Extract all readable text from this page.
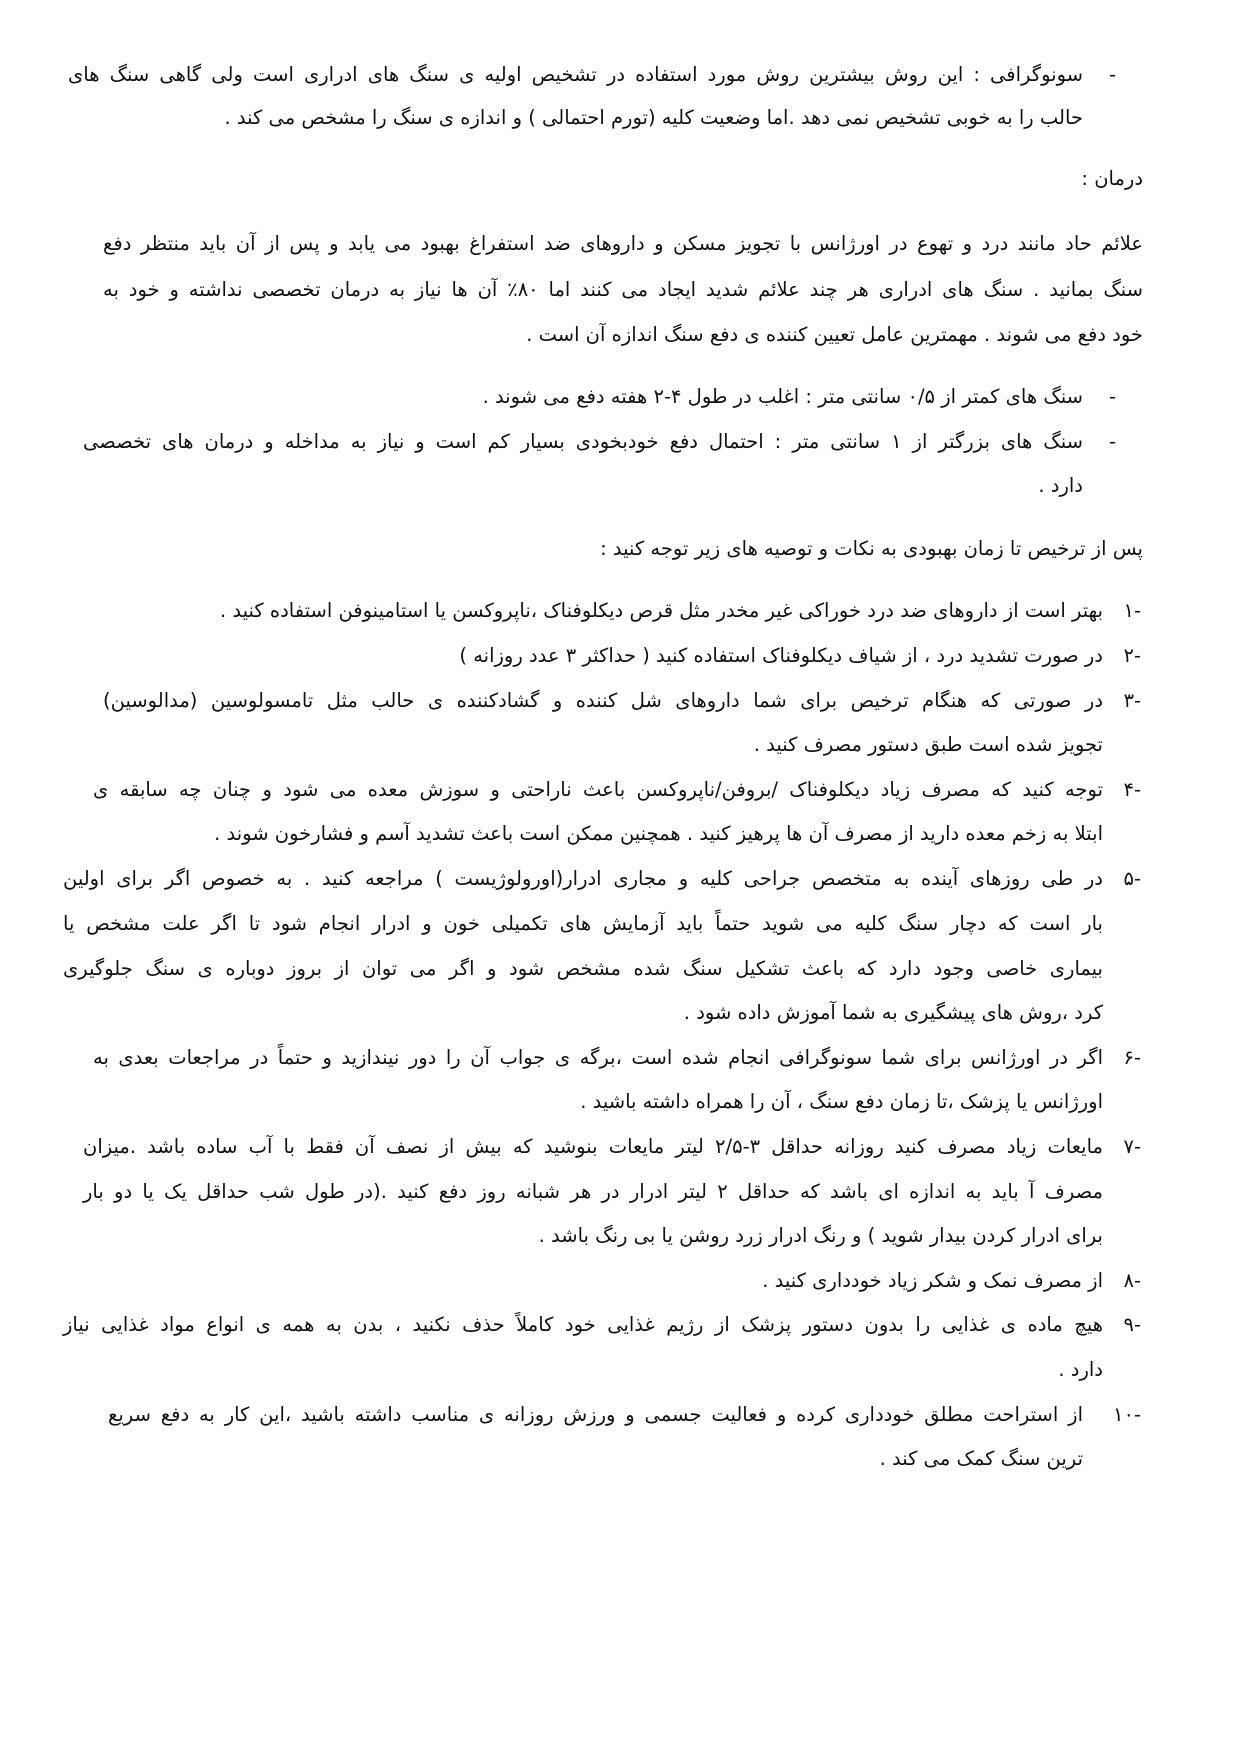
-
سونوگرافی : این روش بیشترین روش مورد استفاده در تشخیص اولیه ی سنگ های ادراری است ولی گاهی سنگ های
حالب را به خوبی تشخیص نمی دهد .اما وضعیت کلیه (تورم احتمالی ) و اندازه ی سنگ را مشخص می کند .
درمان :
علائم حاد مانند درد و تهوع در اورژانس با تجویز مسکن و داروهای ضد استفراغ بهبود می یابد و پس از آن باید منتظر دفع
سنگ بمانید . سنگ های ادراری هر چند علائم شدید ایجاد می کنند اما ۸۰٪ آن ها نیاز به درمان تخصصی نداشته و خود به
خود دفع می شوند . مهمترین عامل تعیین کننده ی دفع سنگ اندازه آن است .
-
سنگ های کمتر از ۰/۵ سانتی متر : اغلب در طول ۴-۲ هفته دفع می شوند .
-
سنگ های بزرگتر از ۱ سانتی متر : احتمال دفع خودبخودی بسیار کم است و نیاز به مداخله و درمان های تخصصی
دارد .
پس از ترخیص تا زمان بهبودی به نکات و توصیه های زیر توجه کنید :
-۱
بهتر است از داروهای ضد درد خوراکی غیر مخدر مثل قرص دیکلوفناک ،ناپروکسن یا استامینوفن استفاده کنید .
-۲
در صورت تشدید درد ، از شیاف دیکلوفناک استفاده کنید ( حداکثر ۳ عدد روزانه )
-۳
در صورتی که هنگام ترخیص برای شما داروهای شل کننده و گشادکننده ی حالب مثل تامسولوسین (مدالوسین)
تجویز شده است طبق دستور مصرف کنید .
-۴
توجه کنید که مصرف زیاد دیکلوفناک /بروفن/ناپروکسن باعث ناراحتی و سوزش معده می شود و چنان چه سابقه ی
ابتلا به زخم معده دارید از مصرف آن ها پرهیز کنید . همچنین ممکن است باعث تشدید آسم و فشارخون شوند .
-۵
در طی روزهای آینده به متخصص جراحی کلیه و مجاری ادرار(اورولوژیست ) مراجعه کنید . به خصوص اگر برای اولین
بار است که دچار سنگ کلیه می شوید حتماً باید آزمایش های تکمیلی خون و ادرار انجام شود تا اگر علت مشخص یا
بیماری خاصی وجود دارد که باعث تشکیل سنگ شده مشخص شود و اگر می توان از بروز دوباره ی سنگ جلوگیری
کرد ،روش های پیشگیری به شما آموزش داده شود .
-۶
اگر در اورژانس برای شما سونوگرافی انجام شده است ،برگه ی جواب آن را دور نیندازید و حتماً در مراجعات بعدی به
اورژانس یا پزشک ،تا زمان دفع سنگ ، آن را همراه داشته باشید .
-۷
مایعات زیاد مصرف کنید روزانه حداقل ۳-۲/۵ لیتر مایعات بنوشید که بیش از نصف آن فقط با آب ساده باشد .میزان
مصرف آ باید به اندازه ای باشد که حداقل ۲ لیتر ادرار در هر شبانه روز دفع کنید .(در طول شب حداقل یک یا دو بار
برای ادرار کردن بیدار شوید ) و رنگ ادرار زرد روشن یا بی رنگ باشد .
-۸
از مصرف نمک و شکر زیاد خودداری کنید .
-۹
هیچ ماده ی غذایی را بدون دستور پزشک از رژیم غذایی خود کاملاً حذف نکنید ، بدن به همه ی انواع مواد غذایی نیاز
دارد .
-۱۰
از استراحت مطلق خودداری کرده و فعالیت جسمی و ورزش روزانه ی مناسب داشته باشید ،این کار به دفع سریع
ترین سنگ کمک می کند .
